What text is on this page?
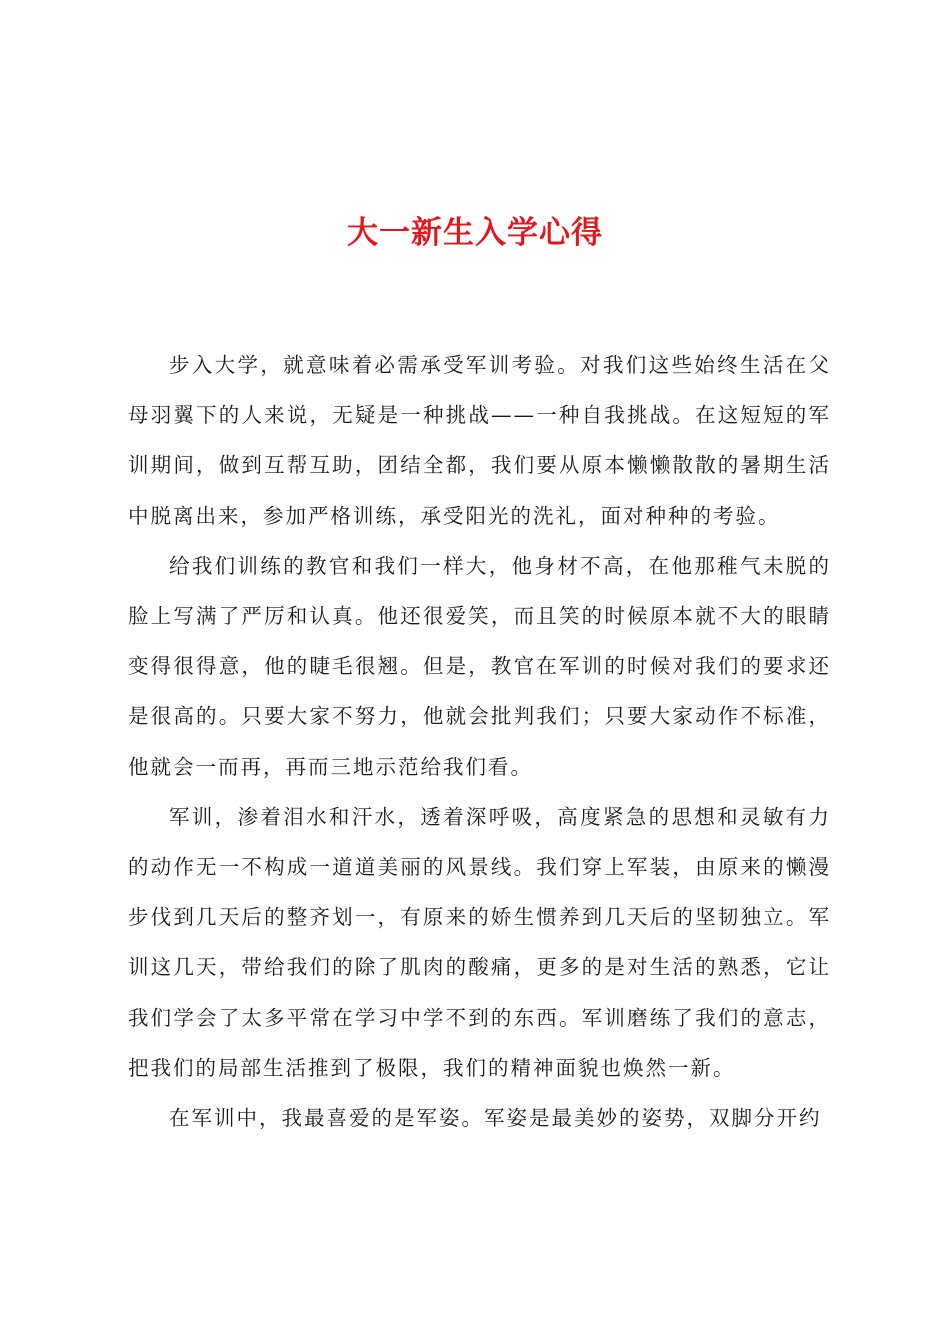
大一新生入学心得

步入大学，就意味着必需承受军训考验。对我们这些始终生活在父母羽翼下的人来说，无疑是一种挑战——一种自我挑战。在这短短的军训期间，做到互帮互助，团结全都，我们要从原本懒懒散散的暑期生活中脱离出来，参加严格训练，承受阳光的洗礼，面对种种的考验。

给我们训练的教官和我们一样大，他身材不高，在他那稚气未脱的脸上写满了严厉和认真。他还很爱笑，而且笑的时候原本就不大的眼睛变得很得意，他的睫毛很翘。但是，教官在军训的时候对我们的要求还是很高的。只要大家不努力，他就会批判我们；只要大家动作不标准，他就会一而再，再而三地示范给我们看。

军训，渗着泪水和汗水，透着深呼吸，高度紧急的思想和灵敏有力的动作无一不构成一道道美丽的风景线。我们穿上军装，由原来的懒漫步伐到几天后的整齐划一，有原来的娇生惯养到几天后的坚韧独立。军训这几天，带给我们的除了肌肉的酸痛，更多的是对生活的熟悉，它让我们学会了太多平常在学习中学不到的东西。军训磨练了我们的意志，把我们的局部生活推到了极限，我们的精神面貌也焕然一新。

在军训中，我最喜爱的是军姿。军姿是最美妙的姿势，双脚分开约
